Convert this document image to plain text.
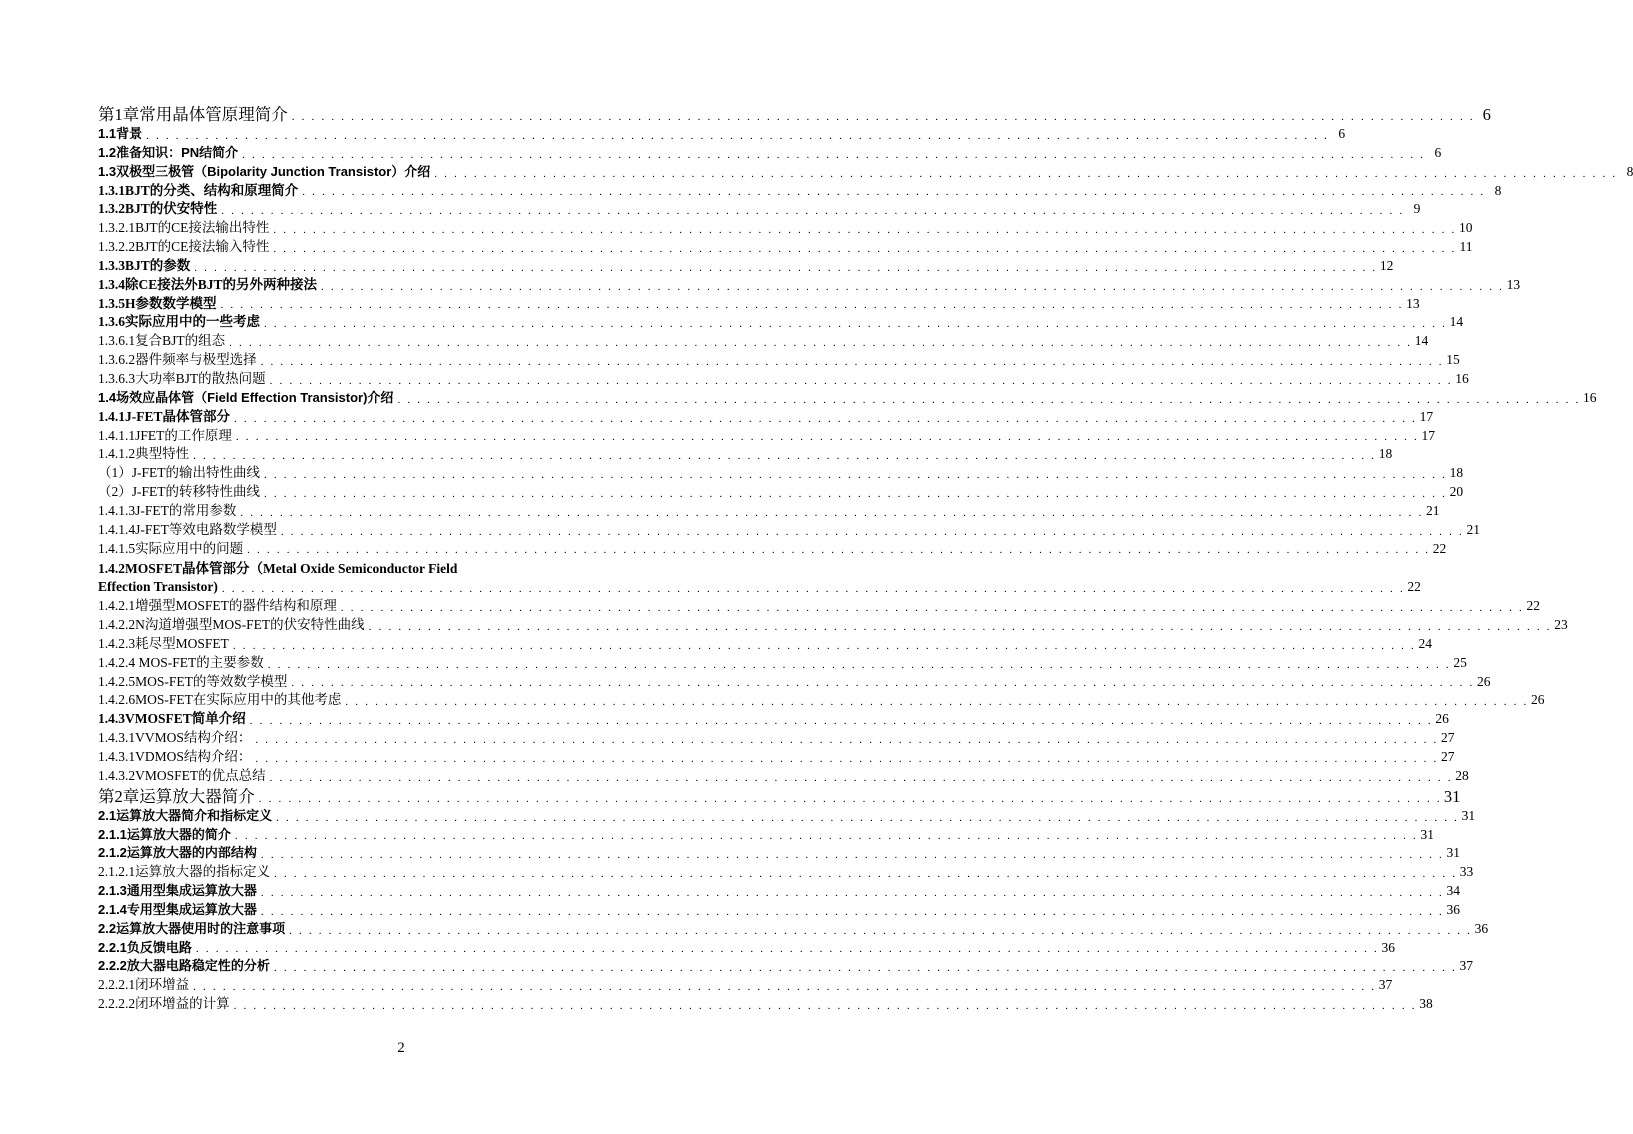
第1章常用晶体管原理简介 . . . . . . . . . . . . . . . . . . . . . . . . . . . . . . . . . . . . . . . . . . . . . . . . . . . . . . . . . . . . . . . . . . . . . . . . . . . . . . . . . . . . . . . . . . . . . . . . . . . . . . . . . . . . . . . . . . . . . . . . 6
1.1背景 . . . . . . . . . . . . . . . . . . . . . . . . . . . . . . . . . . . . . . . . . . . . . . . . . . . . . . . . . . . . . . . . . . . . . . . . . . . . . . . . . . . . . . . . . . . . . . . . . . . . . . . . . . . . . . . . . . . . . . . . 6
1.2准备知识：PN结简介 . . . . . . . . . . . . . . . . . . . . . . . . . . . . . . . . . . . . . . . . . . . . . . . . . . . . . . . . . . . . . . . . . . . . . . . . . . . . . . . . . . . . . . . . . . . . . . . . . . . . . . . . . . . . . . . . . . . . . . . . 6
1.3双极型三极管（Bipolarity Junction Transistor）介绍 . . . . . . . . . . . . . . . . . . . . . . . . . . . . . . . . . . . . . . . . . . . . . . . . . . . . . . . . . . . . . . . . . . . . . . . . . . . . . . . . . . . . . . . . . . . . . . . . . . . . . . . . . . . . . . . . . . . . . . . . 8
1.3.1BJT的分类、结构和原理简介 . . . . . . . . . . . . . . . . . . . . . . . . . . . . . . . . . . . . . . . . . . . . . . . . . . . . . . . . . . . . . . . . . . . . . . . . . . . . . . . . . . . . . . . . . . . . . . . . . . . . . . . . . . . . . . . . . . . . . . . . 8
1.3.2BJT的伏安特性 . . . . . . . . . . . . . . . . . . . . . . . . . . . . . . . . . . . . . . . . . . . . . . . . . . . . . . . . . . . . . . . . . . . . . . . . . . . . . . . . . . . . . . . . . . . . . . . . . . . . . . . . . . . . . . . . . . . . . . . . 9
1.3.2.1BJT的CE接法输出特性 . . . . . . . . . . . . . . . . . . . . . . . . . . . . . . . . . . . . . . . . . . . . . . . . . . . . . . . . . . . . . . . . . . . . . . . . . . . . . . . . . . . . . . . . . . . . . . . . . . . . . . . . . . . . . . . . . . . . . . . . 10
1.3.2.2BJT的CE接法输入特性 . . . . . . . . . . . . . . . . . . . . . . . . . . . . . . . . . . . . . . . . . . . . . . . . . . . . . . . . . . . . . . . . . . . . . . . . . . . . . . . . . . . . . . . . . . . . . . . . . . . . . . . . . . . . . . . . . . . . . . . . 11
1.3.3BJT的参数 . . . . . . . . . . . . . . . . . . . . . . . . . . . . . . . . . . . . . . . . . . . . . . . . . . . . . . . . . . . . . . . . . . . . . . . . . . . . . . . . . . . . . . . . . . . . . . . . . . . . . . . . . . . . . . . . . . . . . . . . 12
1.3.4除CE接法外BJT的另外两种接法 . . . . . . . . . . . . . . . . . . . . . . . . . . . . . . . . . . . . . . . . . . . . . . . . . . . . . . . . . . . . . . . . . . . . . . . . . . . . . . . . . . . . . . . . . . . . . . . . . . . . . . . . . . . . . . . . . . . . . . . . 13
1.3.5H参数数学模型 . . . . . . . . . . . . . . . . . . . . . . . . . . . . . . . . . . . . . . . . . . . . . . . . . . . . . . . . . . . . . . . . . . . . . . . . . . . . . . . . . . . . . . . . . . . . . . . . . . . . . . . . . . . . . . . . . . . . . . . . 13
1.3.6实际应用中的一些考虑 . . . . . . . . . . . . . . . . . . . . . . . . . . . . . . . . . . . . . . . . . . . . . . . . . . . . . . . . . . . . . . . . . . . . . . . . . . . . . . . . . . . . . . . . . . . . . . . . . . . . . . . . . . . . . . . . . . . . . . . . 14
1.3.6.1复合BJT的组态 . . . . . . . . . . . . . . . . . . . . . . . . . . . . . . . . . . . . . . . . . . . . . . . . . . . . . . . . . . . . . . . . . . . . . . . . . . . . . . . . . . . . . . . . . . . . . . . . . . . . . . . . . . . . . . . . . . . . . . . . 14
1.3.6.2器件频率与极型选择 . . . . . . . . . . . . . . . . . . . . . . . . . . . . . . . . . . . . . . . . . . . . . . . . . . . . . . . . . . . . . . . . . . . . . . . . . . . . . . . . . . . . . . . . . . . . . . . . . . . . . . . . . . . . . . . . . . . . . . . . 15
1.3.6.3大功率BJT的散热问题 . . . . . . . . . . . . . . . . . . . . . . . . . . . . . . . . . . . . . . . . . . . . . . . . . . . . . . . . . . . . . . . . . . . . . . . . . . . . . . . . . . . . . . . . . . . . . . . . . . . . . . . . . . . . . . . . . . . . . . . . 16
1.4场效应晶体管（Field Effection Transistor)介绍 . . . . . . . . . . . . . . . . . . . . . . . . . . . . . . . . . . . . . . . . . . . . . . . . . . . . . . . . . . . . . . . . . . . . . . . . . . . . . . . . . . . . . . . . . . . . . . . . . . . . . . . . . . . . . . . . . . . . . . . . 16
1.4.1J-FET晶体管部分 . . . . . . . . . . . . . . . . . . . . . . . . . . . . . . . . . . . . . . . . . . . . . . . . . . . . . . . . . . . . . . . . . . . . . . . . . . . . . . . . . . . . . . . . . . . . . . . . . . . . . . . . . . . . . . . . . . . . . . . . 17
1.4.1.1JFET的工作原理 . . . . . . . . . . . . . . . . . . . . . . . . . . . . . . . . . . . . . . . . . . . . . . . . . . . . . . . . . . . . . . . . . . . . . . . . . . . . . . . . . . . . . . . . . . . . . . . . . . . . . . . . . . . . . . . . . . . . . . . . 17
1.4.1.2典型特性 . . . . . . . . . . . . . . . . . . . . . . . . . . . . . . . . . . . . . . . . . . . . . . . . . . . . . . . . . . . . . . . . . . . . . . . . . . . . . . . . . . . . . . . . . . . . . . . . . . . . . . . . . . . . . . . . . . . . . . . . 18
（1）J-FET的输出特性曲线 . . . . . . . . . . . . . . . . . . . . . . . . . . . . . . . . . . . . . . . . . . . . . . . . . . . . . . . . . . . . . . . . . . . . . . . . . . . . . . . . . . . . . . . . . . . . . . . . . . . . . . . . . . . . . . . . . . . . . . . . 18
（2）J-FET的转移特性曲线 . . . . . . . . . . . . . . . . . . . . . . . . . . . . . . . . . . . . . . . . . . . . . . . . . . . . . . . . . . . . . . . . . . . . . . . . . . . . . . . . . . . . . . . . . . . . . . . . . . . . . . . . . . . . . . . . . . . . . . . . 20
1.4.1.3J-FET的常用参数 . . . . . . . . . . . . . . . . . . . . . . . . . . . . . . . . . . . . . . . . . . . . . . . . . . . . . . . . . . . . . . . . . . . . . . . . . . . . . . . . . . . . . . . . . . . . . . . . . . . . . . . . . . . . . . . . . . . . . . . . 21
1.4.1.4J-FET等效电路数学模型 . . . . . . . . . . . . . . . . . . . . . . . . . . . . . . . . . . . . . . . . . . . . . . . . . . . . . . . . . . . . . . . . . . . . . . . . . . . . . . . . . . . . . . . . . . . . . . . . . . . . . . . . . . . . . . . . . . . . . . . . 21
1.4.1.5实际应用中的问题 . . . . . . . . . . . . . . . . . . . . . . . . . . . . . . . . . . . . . . . . . . . . . . . . . . . . . . . . . . . . . . . . . . . . . . . . . . . . . . . . . . . . . . . . . . . . . . . . . . . . . . . . . . . . . . . . . . . . . . . . 22
1.4.2MOSFET晶体管部分（Metal Oxide Semiconductor Field
Effection Transistor) . . . . . . . . . . . . . . . . . . . . . . . . . . . . . . . . . . . . . . . . . . . . . . . . . . . . . . . . . . . . . . . . . . . . . . . . . . . . . . . . . . . . . . . . . . . . . . . . . . . . . . . . . . . . . . . . . . . . . . . . 22
1.4.2.1增强型MOSFET的器件结构和原理 . . . . . . . . . . . . . . . . . . . . . . . . . . . . . . . . . . . . . . . . . . . . . . . . . . . . . . . . . . . . . . . . . . . . . . . . . . . . . . . . . . . . . . . . . . . . . . . . . . . . . . . . . . . . . . . . . . . . . . . . 22
1.4.2.2N沟道增强型MOS-FET的伏安特性曲线 . . . . . . . . . . . . . . . . . . . . . . . . . . . . . . . . . . . . . . . . . . . . . . . . . . . . . . . . . . . . . . . . . . . . . . . . . . . . . . . . . . . . . . . . . . . . . . . . . . . . . . . . . . . . . . . . . . . . . . . . 23
1.4.2.3耗尽型MOSFET . . . . . . . . . . . . . . . . . . . . . . . . . . . . . . . . . . . . . . . . . . . . . . . . . . . . . . . . . . . . . . . . . . . . . . . . . . . . . . . . . . . . . . . . . . . . . . . . . . . . . . . . . . . . . . . . . . . . . . . . 24
1.4.2.4 MOS-FET的主要参数 . . . . . . . . . . . . . . . . . . . . . . . . . . . . . . . . . . . . . . . . . . . . . . . . . . . . . . . . . . . . . . . . . . . . . . . . . . . . . . . . . . . . . . . . . . . . . . . . . . . . . . . . . . . . . . . . . . . . . . . . 25
1.4.2.5MOS-FET的等效数学模型 . . . . . . . . . . . . . . . . . . . . . . . . . . . . . . . . . . . . . . . . . . . . . . . . . . . . . . . . . . . . . . . . . . . . . . . . . . . . . . . . . . . . . . . . . . . . . . . . . . . . . . . . . . . . . . . . . . . . . . . . 26
1.4.2.6MOS-FET在实际应用中的其他考虑 . . . . . . . . . . . . . . . . . . . . . . . . . . . . . . . . . . . . . . . . . . . . . . . . . . . . . . . . . . . . . . . . . . . . . . . . . . . . . . . . . . . . . . . . . . . . . . . . . . . . . . . . . . . . . . . . . . . . . . . . 26
1.4.3VMOSFET简单介绍 . . . . . . . . . . . . . . . . . . . . . . . . . . . . . . . . . . . . . . . . . . . . . . . . . . . . . . . . . . . . . . . . . . . . . . . . . . . . . . . . . . . . . . . . . . . . . . . . . . . . . . . . . . . . . . . . . . . . . . . . 26
1.4.3.1VVMOS结构介绍： . . . . . . . . . . . . . . . . . . . . . . . . . . . . . . . . . . . . . . . . . . . . . . . . . . . . . . . . . . . . . . . . . . . . . . . . . . . . . . . . . . . . . . . . . . . . . . . . . . . . . . . . . . . . . . . . . . . . . . . . 27
1.4.3.1VDMOS结构介绍： . . . . . . . . . . . . . . . . . . . . . . . . . . . . . . . . . . . . . . . . . . . . . . . . . . . . . . . . . . . . . . . . . . . . . . . . . . . . . . . . . . . . . . . . . . . . . . . . . . . . . . . . . . . . . . . . . . . . . . . . 27
1.4.3.2VMOSFET的优点总结 . . . . . . . . . . . . . . . . . . . . . . . . . . . . . . . . . . . . . . . . . . . . . . . . . . . . . . . . . . . . . . . . . . . . . . . . . . . . . . . . . . . . . . . . . . . . . . . . . . . . . . . . . . . . . . . . . . . . . . . . 28
第2章运算放大器简介 . . . . . . . . . . . . . . . . . . . . . . . . . . . . . . . . . . . . . . . . . . . . . . . . . . . . . . . . . . . . . . . . . . . . . . . . . . . . . . . . . . . . . . . . . . . . . . . . . . . . . . . . . . . . . . . . . . . . . . . . 31
2.1运算放大器简介和指标定义 . . . . . . . . . . . . . . . . . . . . . . . . . . . . . . . . . . . . . . . . . . . . . . . . . . . . . . . . . . . . . . . . . . . . . . . . . . . . . . . . . . . . . . . . . . . . . . . . . . . . . . . . . . . . . . . . . . . . . . . . 31
2.1.1运算放大器的简介 . . . . . . . . . . . . . . . . . . . . . . . . . . . . . . . . . . . . . . . . . . . . . . . . . . . . . . . . . . . . . . . . . . . . . . . . . . . . . . . . . . . . . . . . . . . . . . . . . . . . . . . . . . . . . . . . . . . . . . . . 31
2.1.2运算放大器的内部结构 . . . . . . . . . . . . . . . . . . . . . . . . . . . . . . . . . . . . . . . . . . . . . . . . . . . . . . . . . . . . . . . . . . . . . . . . . . . . . . . . . . . . . . . . . . . . . . . . . . . . . . . . . . . . . . . . . . . . . . . . 31
2.1.2.1运算放大器的指标定义 . . . . . . . . . . . . . . . . . . . . . . . . . . . . . . . . . . . . . . . . . . . . . . . . . . . . . . . . . . . . . . . . . . . . . . . . . . . . . . . . . . . . . . . . . . . . . . . . . . . . . . . . . . . . . . . . . . . . . . . . 33
2.1.3通用型集成运算放大器 . . . . . . . . . . . . . . . . . . . . . . . . . . . . . . . . . . . . . . . . . . . . . . . . . . . . . . . . . . . . . . . . . . . . . . . . . . . . . . . . . . . . . . . . . . . . . . . . . . . . . . . . . . . . . . . . . . . . . . . . 34
2.1.4专用型集成运算放大器 . . . . . . . . . . . . . . . . . . . . . . . . . . . . . . . . . . . . . . . . . . . . . . . . . . . . . . . . . . . . . . . . . . . . . . . . . . . . . . . . . . . . . . . . . . . . . . . . . . . . . . . . . . . . . . . . . . . . . . . . 36
2.2运算放大器使用时的注意事项 . . . . . . . . . . . . . . . . . . . . . . . . . . . . . . . . . . . . . . . . . . . . . . . . . . . . . . . . . . . . . . . . . . . . . . . . . . . . . . . . . . . . . . . . . . . . . . . . . . . . . . . . . . . . . . . . . . . . . . . . 36
2.2.1负反馈电路 . . . . . . . . . . . . . . . . . . . . . . . . . . . . . . . . . . . . . . . . . . . . . . . . . . . . . . . . . . . . . . . . . . . . . . . . . . . . . . . . . . . . . . . . . . . . . . . . . . . . . . . . . . . . . . . . . . . . . . . . 36
2.2.2放大器电路稳定性的分析 . . . . . . . . . . . . . . . . . . . . . . . . . . . . . . . . . . . . . . . . . . . . . . . . . . . . . . . . . . . . . . . . . . . . . . . . . . . . . . . . . . . . . . . . . . . . . . . . . . . . . . . . . . . . . . . . . . . . . . . . 37
2.2.2.1闭环增益 . . . . . . . . . . . . . . . . . . . . . . . . . . . . . . . . . . . . . . . . . . . . . . . . . . . . . . . . . . . . . . . . . . . . . . . . . . . . . . . . . . . . . . . . . . . . . . . . . . . . . . . . . . . . . . . . . . . . . . . . 37
2.2.2.2闭环增益的计算 . . . . . . . . . . . . . . . . . . . . . . . . . . . . . . . . . . . . . . . . . . . . . . . . . . . . . . . . . . . . . . . . . . . . . . . . . . . . . . . . . . . . . . . . . . . . . . . . . . . . . . . . . . . . . . . . . . . . . . . . 38
2
